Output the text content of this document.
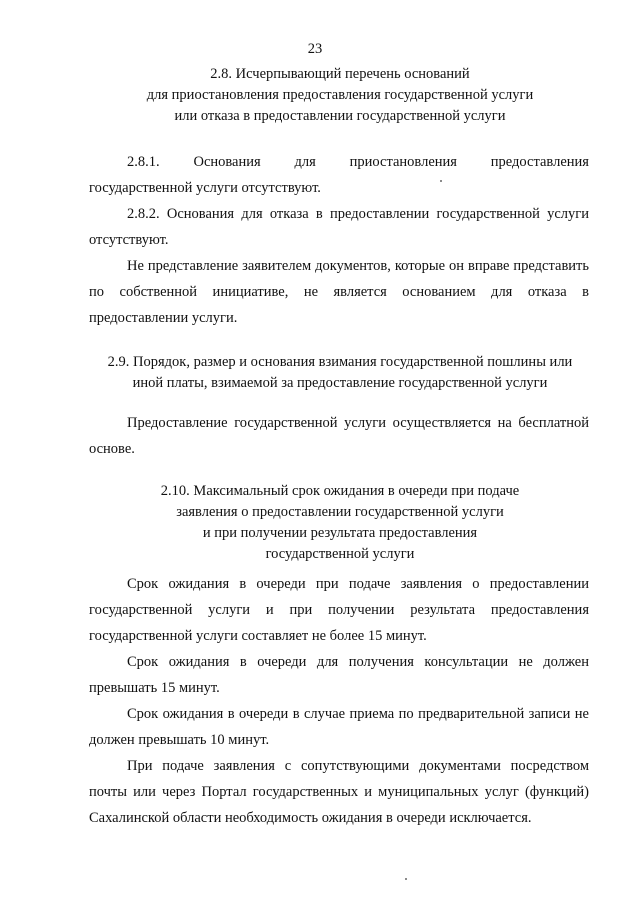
23
2.8. Исчерпывающий перечень оснований
для приостановления предоставления государственной услуги
или отказа в предоставлении государственной услуги
2.8.1. Основания для приостановления предоставления
государственной услуги отсутствуют.
2.8.2. Основания для отказа в предоставлении государственной услуги отсутствуют.
Не представление заявителем документов, которые он вправе представить по собственной инициативе, не является основанием для отказа в предоставлении услуги.
2.9. Порядок, размер и основания взимания государственной пошлины или
иной платы, взимаемой за предоставление государственной услуги
Предоставление государственной услуги осуществляется на бесплатной основе.
2.10. Максимальный срок ожидания в очереди при подаче
заявления о предоставлении государственной услуги
и при получении результата предоставления
государственной услуги
Срок ожидания в очереди при подаче заявления о предоставлении государственной услуги и при получении результата предоставления государственной услуги составляет не более 15 минут.
Срок ожидания в очереди для получения консультации не должен превышать 15 минут.
Срок ожидания в очереди в случае приема по предварительной записи не должен превышать 10 минут.
При подаче заявления с сопутствующими документами посредством почты или через Портал государственных и муниципальных услуг (функций) Сахалинской области необходимость ожидания в очереди исключается.
